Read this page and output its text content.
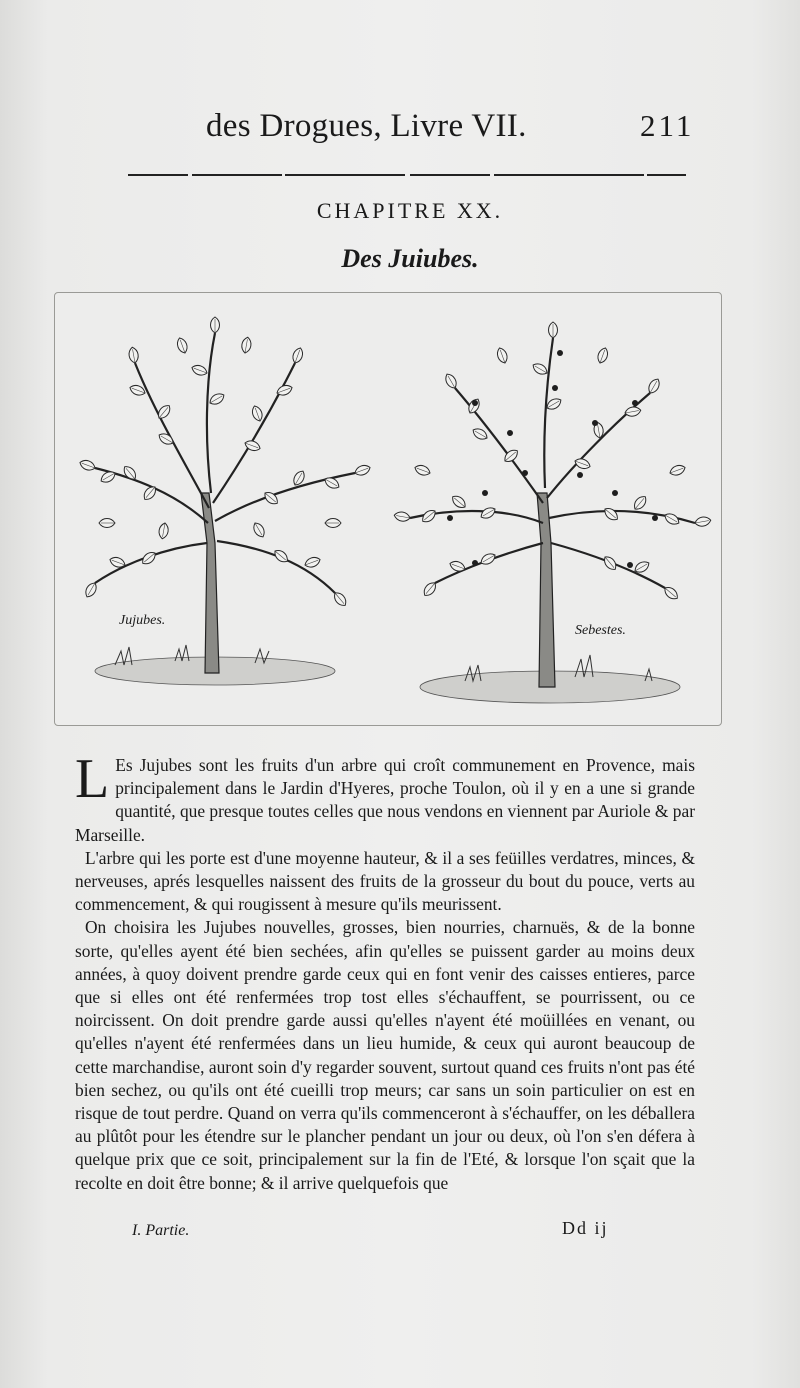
des Drogues, Livre VII.	211
CHAPITRE XX.
Des Juiubes.
Jujubes.
Sebestes.

L Es Jujubes sont les fruits d'un arbre qui croît communement en Provence, mais principalement dans le Jardin d'Hyeres, proche Toulon, où il y en a une si grande quantité, que presque toutes celles que nous vendons en viennent par Auriole & par Marseille.

L'arbre qui les porte est d'une moyenne hauteur, & il a ses feüilles verdatres, minces, & nerveuses, aprés lesquelles naissent des fruits de la grosseur du bout du pouce, verts au commencement, & qui rougissent à mesure qu'ils meurissent.

On choisira les Jujubes nouvelles, grosses, bien nourries, charnuës, & de la bonne sorte, qu'elles ayent été bien sechées, afin qu'elles se puissent garder au moins deux années, à quoy doivent prendre garde ceux qui en font venir des caisses entieres, parce que si elles ont été renfermées trop tost elles s'échauffent, se pourrissent, ou ce noircissent. On doit prendre garde aussi qu'elles n'ayent été moüillées en venant, ou qu'elles n'ayent été renfermées dans un lieu humide, & ceux qui auront beaucoup de cette marchandise, auront soin d'y regarder souvent, surtout quand ces fruits n'ont pas été bien sechez, ou qu'ils ont été cueilli trop meurs; car sans un soin particulier on est en risque de tout perdre. Quand on verra qu'ils commenceront à s'échauffer, on les déballera au plûtôt pour les étendre sur le plancher pendant un jour ou deux, où l'on s'en défera à quelque prix que ce soit, principalement sur la fin de l'Eté, & lorsque l'on sçait que la recolte en doit être bonne; & il arrive quelquefois que

I. Partie.	Dd ij
